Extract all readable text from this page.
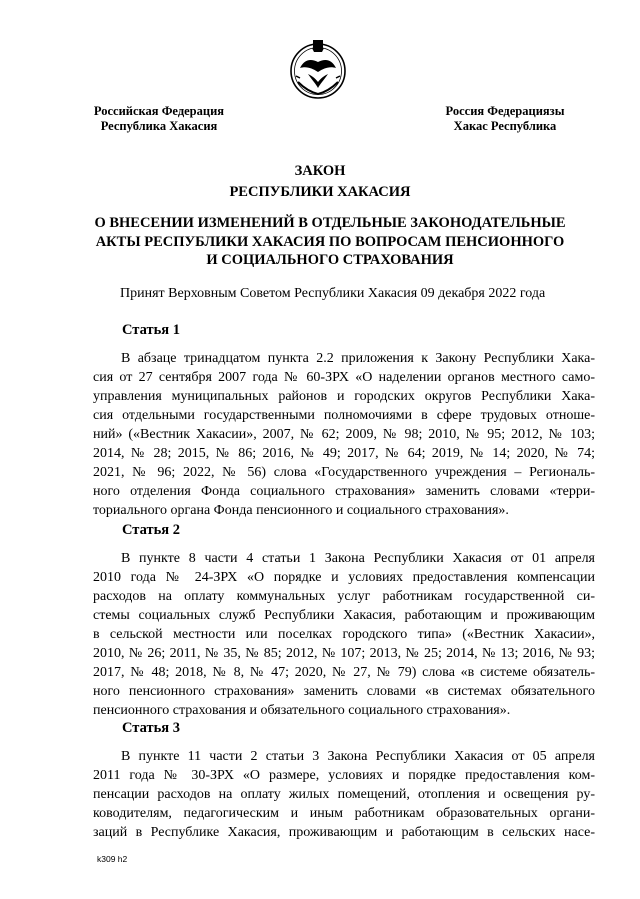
Российская Федерация
Республика Хакасия
Россия Федерациязы
Хакас Республика
ЗАКОН
РЕСПУБЛИКИ ХАКАСИЯ
О ВНЕСЕНИИ ИЗМЕНЕНИЙ В ОТДЕЛЬНЫЕ ЗАКОНОДАТЕЛЬНЫЕ
АКТЫ РЕСПУБЛИКИ ХАКАСИЯ ПО ВОПРОСАМ ПЕНСИОННОГО
И СОЦИАЛЬНОГО СТРАХОВАНИЯ
Принят Верховным Советом Республики Хакасия 09 декабря 2022 года
Статья 1
В абзаце тринадцатом пункта 2.2 приложения к Закону Республики Хака-
сия от 27 сентября 2007 года № 60-ЗРХ «О наделении органов местного само-
управления муниципальных районов и городских округов Республики Хака-
сия отдельными государственными полномочиями в сфере трудовых отноше-
ний» («Вестник Хакасии», 2007, № 62; 2009, № 98; 2010, № 95; 2012, № 103;
2014, № 28; 2015, № 86; 2016, № 49; 2017, № 64; 2019, № 14; 2020, № 74;
2021, № 96; 2022, № 56) слова «Государственного учреждения – Региональ-
ного отделения Фонда социального страхования» заменить словами «терри-
ториального органа Фонда пенсионного и социального страхования».
Статья 2
В пункте 8 части 4 статьи 1 Закона Республики Хакасия от 01 апреля
2010 года № 24-ЗРХ «О порядке и условиях предоставления компенсации
расходов на оплату коммунальных услуг работникам государственной си-
стемы социальных служб Республики Хакасия, работающим и проживающим
в сельской местности или поселках городского типа» («Вестник Хакасии»,
2010, № 26; 2011, № 35, № 85; 2012, № 107; 2013, № 25; 2014, № 13; 2016, № 93;
2017, № 48; 2018, № 8, № 47; 2020, № 27, № 79) слова «в системе обязатель-
ного пенсионного страхования» заменить словами «в системах обязательного
пенсионного страхования и обязательного социального страхования».
Статья 3
В пункте 11 части 2 статьи 3 Закона Республики Хакасия от 05 апреля
2011 года № 30-ЗРХ «О размере, условиях и порядке предоставления ком-
пенсации расходов на оплату жилых помещений, отопления и освещения ру-
ководителям, педагогическим и иным работникам образовательных органи-
заций в Республике Хакасия, проживающим и работающим в сельских насе-
k309 h2
